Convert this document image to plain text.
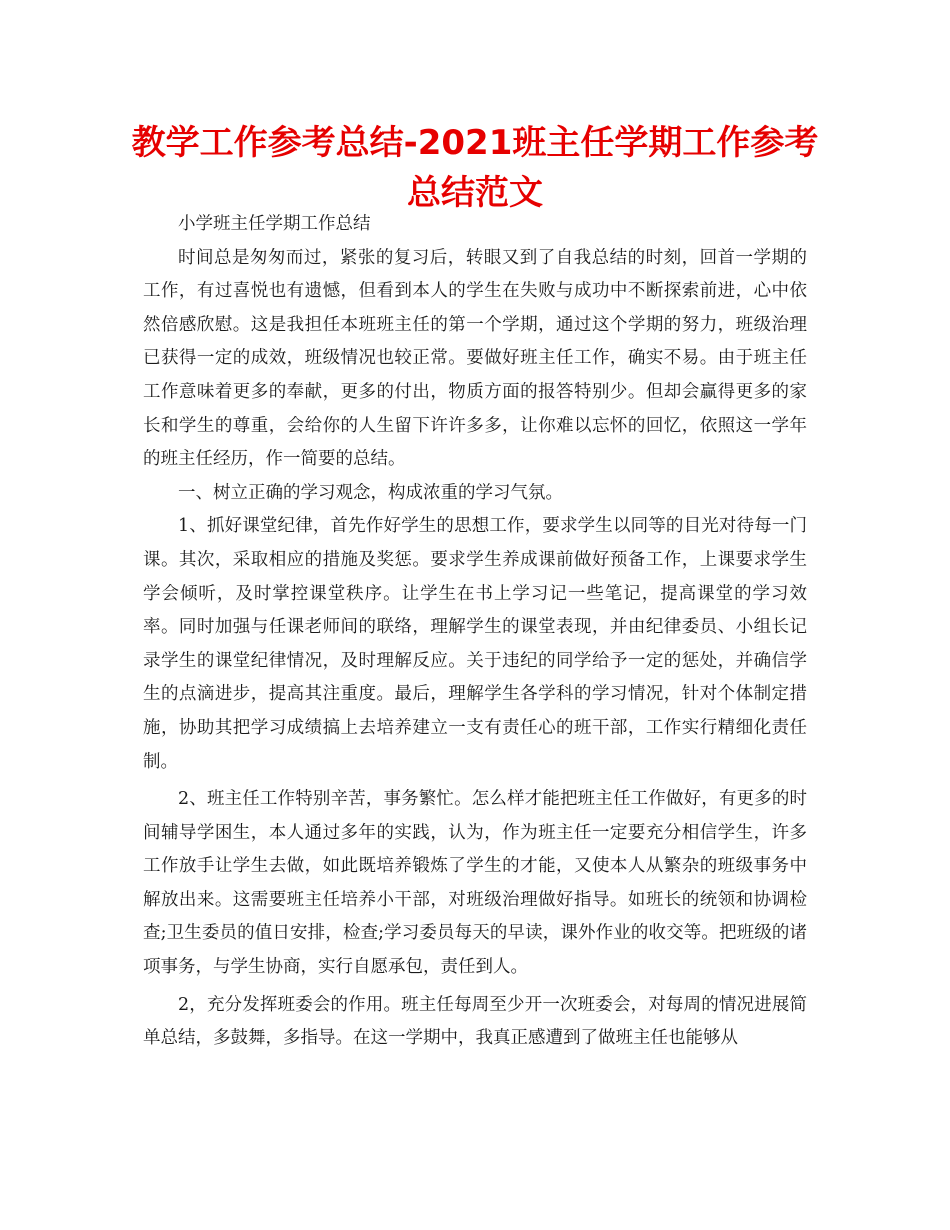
教学工作参考总结-2021班主任学期工作参考总结范文

小学班主任学期工作总结

时间总是匆匆而过，紧张的复习后，转眼又到了自我总结的时刻，回首一学期的工作，有过喜悦也有遗憾，但看到本人的学生在失败与成功中不断探索前进，心中依然倍感欣慰。这是我担任本班班主任的第一个学期，通过这个学期的努力，班级治理已获得一定的成效，班级情况也较正常。要做好班主任工作，确实不易。由于班主任工作意味着更多的奉献，更多的付出，物质方面的报答特别少。但却会赢得更多的家长和学生的尊重，会给你的人生留下许许多多，让你难以忘怀的回忆，依照这一学年的班主任经历，作一简要的总结。

一、树立正确的学习观念，构成浓重的学习气氛。

1、抓好课堂纪律，首先作好学生的思想工作，要求学生以同等的目光对待每一门课。其次，采取相应的措施及奖惩。要求学生养成课前做好预备工作，上课要求学生学会倾听，及时掌控课堂秩序。让学生在书上学习记一些笔记，提高课堂的学习效率。同时加强与任课老师间的联络，理解学生的课堂表现，并由纪律委员、小组长记录学生的课堂纪律情况，及时理解反应。关于违纪的同学给予一定的惩处，并确信学生的点滴进步，提高其注重度。最后，理解学生各学科的学习情况，针对个体制定措施，协助其把学习成绩搞上去培养建立一支有责任心的班干部，工作实行精细化责任制。

2、班主任工作特别辛苦，事务繁忙。怎么样才能把班主任工作做好，有更多的时间辅导学困生，本人通过多年的实践，认为，作为班主任一定要充分相信学生，许多工作放手让学生去做，如此既培养锻炼了学生的才能，又使本人从繁杂的班级事务中解放出来。这需要班主任培养小干部，对班级治理做好指导。如班长的统领和协调检查;卫生委员的值日安排，检查;学习委员每天的早读，课外作业的收交等。把班级的诸项事务，与学生协商，实行自愿承包，责任到人。

2，充分发挥班委会的作用。班主任每周至少开一次班委会，对每周的情况进展简单总结，多鼓舞，多指导。在这一学期中，我真正感遭到了做班主任也能够从
